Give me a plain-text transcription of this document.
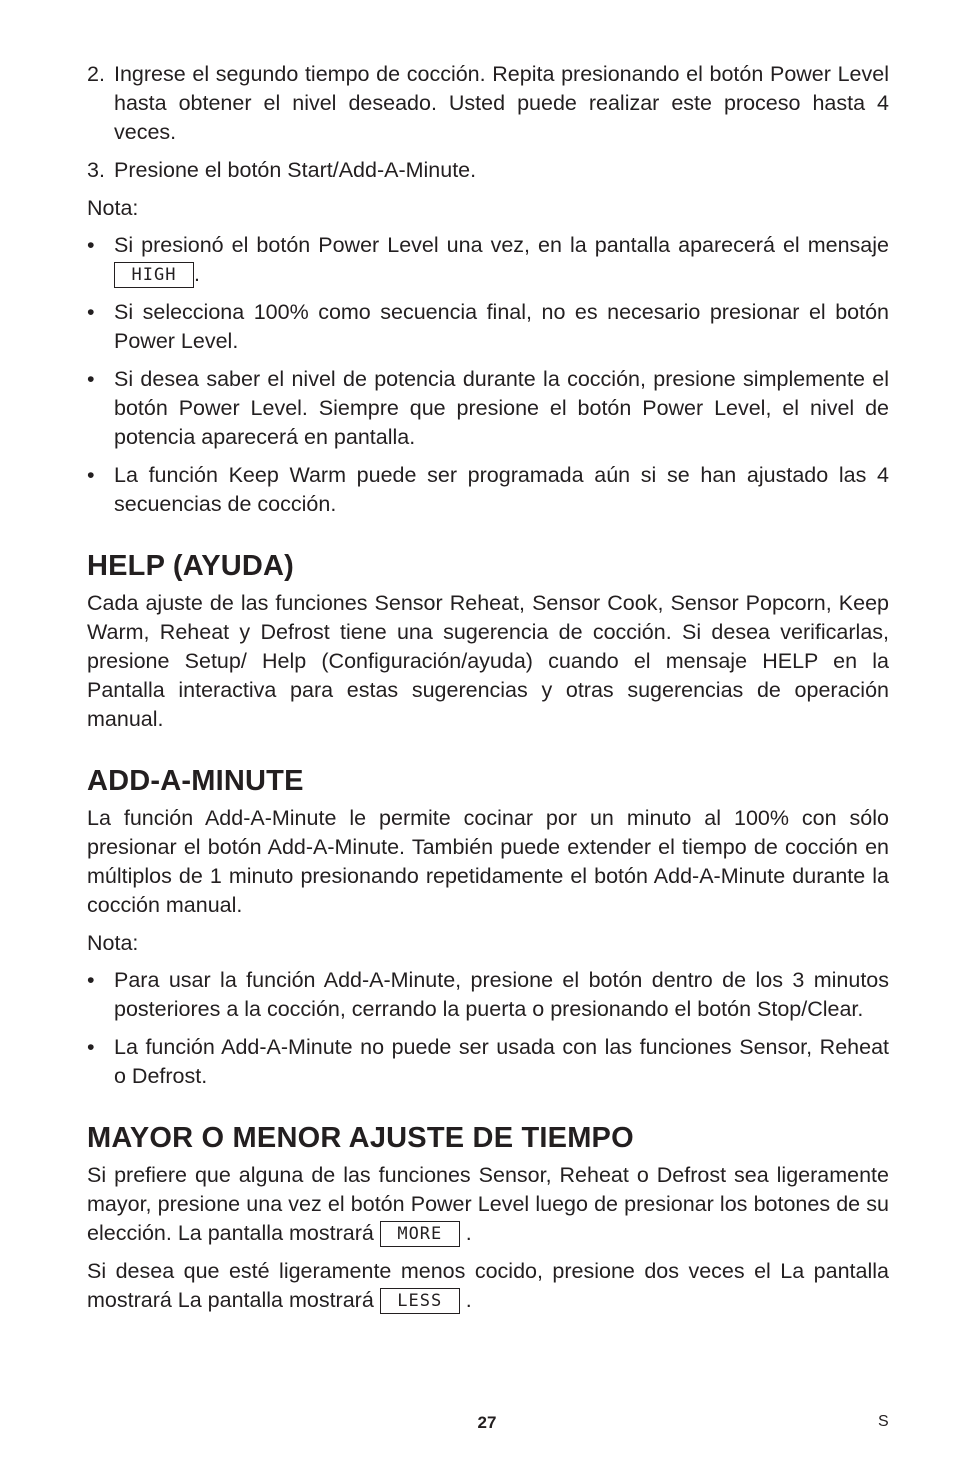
2. Ingrese el segundo tiempo de cocción. Repita presionando el botón Power Level hasta obtener el nivel deseado. Usted puede realizar este proceso hasta 4 veces.
3. Presione el botón Start/Add-A-Minute.

Nota:

• Si presionó el botón Power Level una vez, en la pantalla aparecerá el mensaje HIGH .
• Si selecciona 100% como secuencia final, no es necesario presionar el botón Power Level.
• Si desea saber el nivel de potencia durante la cocción, presione simplemente el botón Power Level. Siempre que presione el botón Power Level, el nivel de potencia aparecerá en pantalla.
• La función Keep Warm puede ser programada aún si se han ajustado las 4 secuencias de cocción.
HELP (AYUDA)

Cada ajuste de las funciones Sensor Reheat, Sensor Cook, Sensor Popcorn, Keep Warm, Reheat y Defrost tiene una sugerencia de cocción. Si desea verificarlas, presione Setup/ Help (Configuración/ayuda) cuando el mensaje HELP en la Pantalla interactiva para estas sugerencias y otras sugerencias de operación manual.

ADD-A-MINUTE

La función Add-A-Minute le permite cocinar por un minuto al 100% con sólo presionar el botón Add-A-Minute. También puede extender el tiempo de cocción en múltiplos de 1 minuto presionando repetidamente el botón Add-A-Minute durante la cocción manual.

Nota:

• Para usar la función Add-A-Minute, presione el botón dentro de los 3 minutos posteriores a la cocción, cerrando la puerta o presionando el botón Stop/Clear.
• La función Add-A-Minute no puede ser usada con las funciones Sensor, Reheat o Defrost.
MAYOR O MENOR AJUSTE DE TIEMPO

Si prefiere que alguna de las funciones Sensor, Reheat o Defrost sea ligeramente mayor, presione una vez el botón Power Level luego de presionar los botones de su elección. La pantalla mostrará MORE .

Si desea que esté ligeramente menos cocido, presione dos veces el La pantalla mostrará La pantalla mostrará LESS .

27	S
